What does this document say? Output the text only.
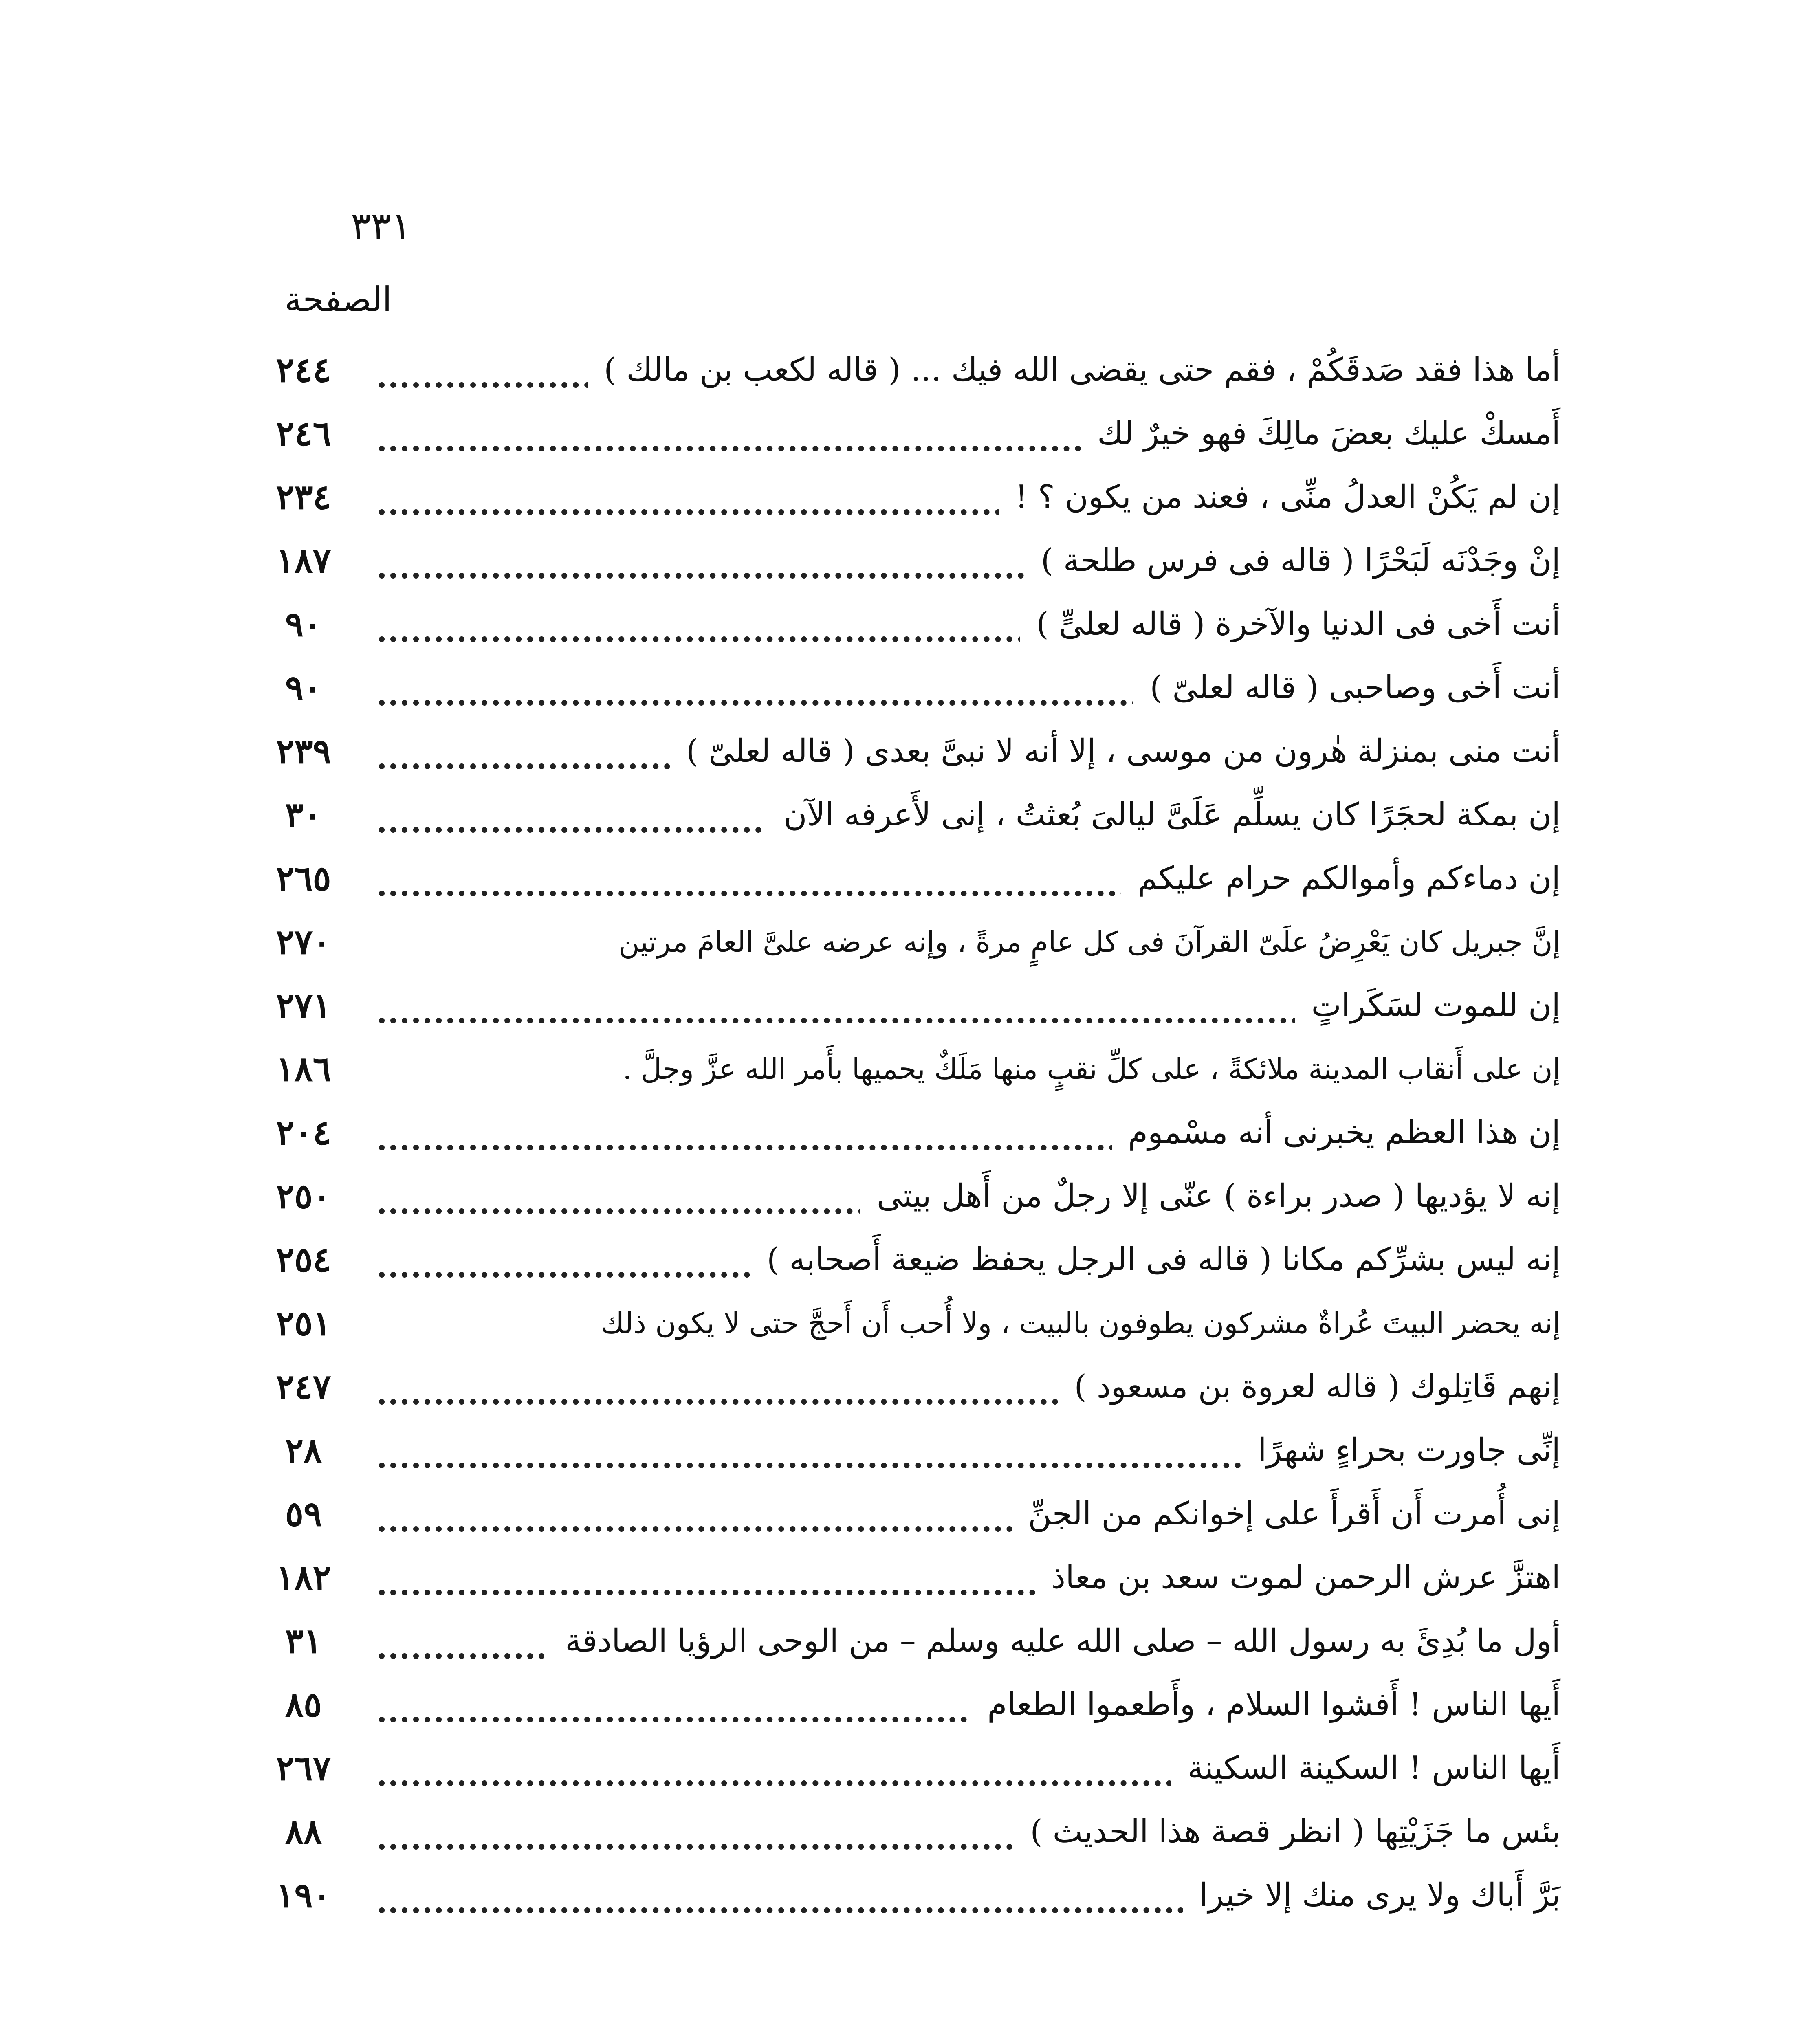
٣٣١
الصفحة
٢٤٤	أما هذا فقد صَدقَكُمْ ، فقم حتى يقضى الله فيك ... ( قاله لكعب بن مالك )
٢٤٦	أَمسكْ عليك بعضَ مالِكَ فهو خيرٌ لك
٢٣٤	إن لم يَكُنْ العدلُ منِّى ، فعند من يكون ؟ !
١٨٧	إنْ وجَدْنَه لَبَحْرًا ( قاله فى فرس طلحة )
٩٠	أنت أَخى فى الدنيا والآخرة ( قاله لعلىٍّ )
٩٠	أنت أَخى وصاحبى ( قاله لعلىّ )
٢٣٩	أنت منى بمنزلة هٰرون من موسى ، إلا أنه لا نبىَّ بعدى ( قاله لعلىّ )
٣٠	إن بمكة لحجَرًا كان يسلِّم عَلَىَّ ليالىَ بُعثتُ ، إنى لأَعرفه الآن
٢٦٥	إن دماءكم وأموالكم حرام عليكم
٢٧٠	إنَّ جبريل كان يَعْرِضُ علَىّ القرآنَ فى كل عامٍ مرةً ، وإنه عرضه علىَّ العامَ مرتين
٢٧١	إن للموت لسَكَراتٍ
١٨٦	إن على أَنقاب المدينة ملائكةً ، على كلِّ نقبٍ منها مَلَكٌ يحميها بأَمر الله عزَّ وجلَّ .
٢٠٤	إن هذا العظم يخبرنى أنه مسْموم
٢٥٠	إنه لا يؤديها ( صدر براءة ) عنّى إلا رجلٌ من أَهل بيتى
٢٥٤	إنه ليس بشرِّكم مكانا ( قاله فى الرجل يحفظ ضيعة أَصحابه )
٢٥١	إنه يحضر البيتَ عُراةٌ مشركون يطوفون بالبيت ، ولا أُحب أَن أَحجَّ حتى لا يكون ذلك
٢٤٧	إنهم قَاتِلوك ( قاله لعروة بن مسعود )
٢٨	إنِّى جاورت بحراءٍ شهرًا
٥٩	إنى أُمرت أَن أَقرأَ على إخوانكم من الجنِّ
١٨٢	اهتزَّ عرش الرحمن لموت سعد بن معاذ
٣١	أول ما بُدِئَ به رسول الله – صلى الله عليه وسلم – من الوحى الرؤيا الصادقة
٨٥	أَيها الناس ! أَفشوا السلام ، وأَطعموا الطعام
٢٦٧	أَيها الناس ! السكينة السكينة
٨٨	بئس ما جَزَيْتِها ( انظر قصة هذا الحديث )
١٩٠	بَرَّ أَباك ولا يرى منك إلا خيرا
